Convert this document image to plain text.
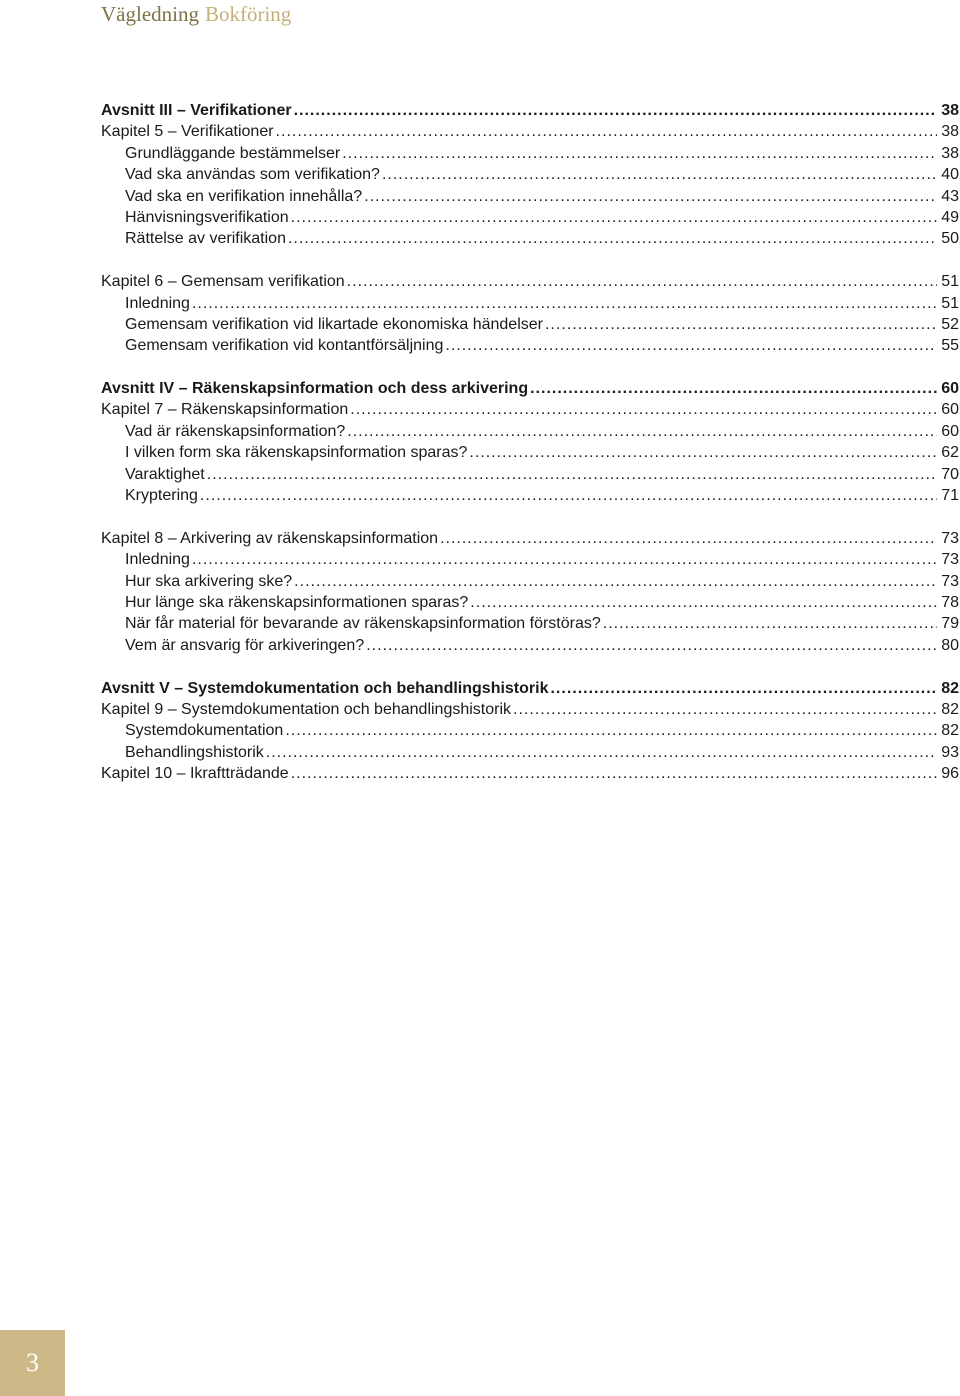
Vägledning Bokföring
Avsnitt III – Verifikationer .....	38
Kapitel 5 – Verifikationer .....	38
Grundläggande bestämmelser .....	38
Vad ska användas som verifikation? .....	40
Vad ska en verifikation innehålla? .....	43
Hänvisningsverifikation .....	49
Rättelse av verifikation .....	50
Kapitel 6 – Gemensam verifikation .....	51
Inledning .....	51
Gemensam verifikation vid likartade ekonomiska händelser .....	52
Gemensam verifikation vid kontantförsäljning .....	55
Avsnitt IV – Räkenskapsinformation och dess arkivering .....	60
Kapitel 7 – Räkenskapsinformation .....	60
Vad är räkenskapsinformation? .....	60
I vilken form ska räkenskapsinformation sparas? .....	62
Varaktighet .....	70
Kryptering .....	71
Kapitel 8 – Arkivering av räkenskapsinformation .....	73
Inledning .....	73
Hur ska arkivering ske? .....	73
Hur länge ska räkenskapsinformationen sparas? .....	78
När får material för bevarande av räkenskapsinformation förstöras? .....	79
Vem är ansvarig för arkiveringen? .....	80
Avsnitt V – Systemdokumentation och behandlingshistorik .....	82
Kapitel 9 – Systemdokumentation och behandlingshistorik .....	82
Systemdokumentation .....	82
Behandlingshistorik .....	93
Kapitel 10 – Ikraftträdande .....	96
3
